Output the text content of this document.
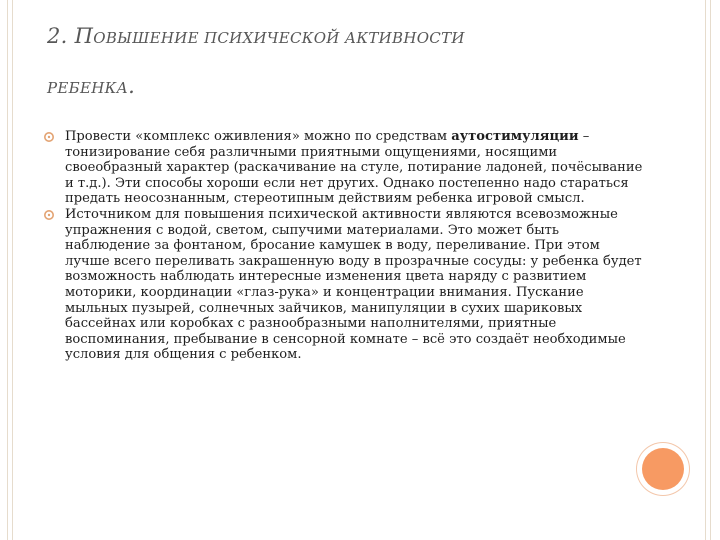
2. ПОВЫШЕНИЕ ПСИХИЧЕСКОЙ АКТИВНОСТИ
РЕБЕНКА.
Провести «комплекс оживления» можно по средствам аутостимуляции – тонизирование себя различными приятными ощущениями, носящими своеобразный характер (раскачивание на стуле, потирание ладоней, почёсывание и т.д.). Эти способы хороши если нет других. Однако постепенно надо стараться предать неосознанным, стереотипным действиям ребенка игровой смысл.
Источником для повышения психической активности являются всевозможные упражнения с водой, светом, сыпучими материалами. Это может быть наблюдение за фонтаном, бросание камушек в воду, переливание. При этом лучше всего переливать закрашенную воду в прозрачные сосуды: у ребенка будет возможность наблюдать интересные изменения цвета наряду с развитием моторики, координации «глаз-рука» и концентрации внимания. Пускание мыльных пузырей, солнечных зайчиков, манипуляции в сухих шариковых бассейнах или коробках с разнообразными наполнителями, приятные воспоминания, пребывание в сенсорной комнате – всё это создаёт необходимые условия для общения с ребенком.
